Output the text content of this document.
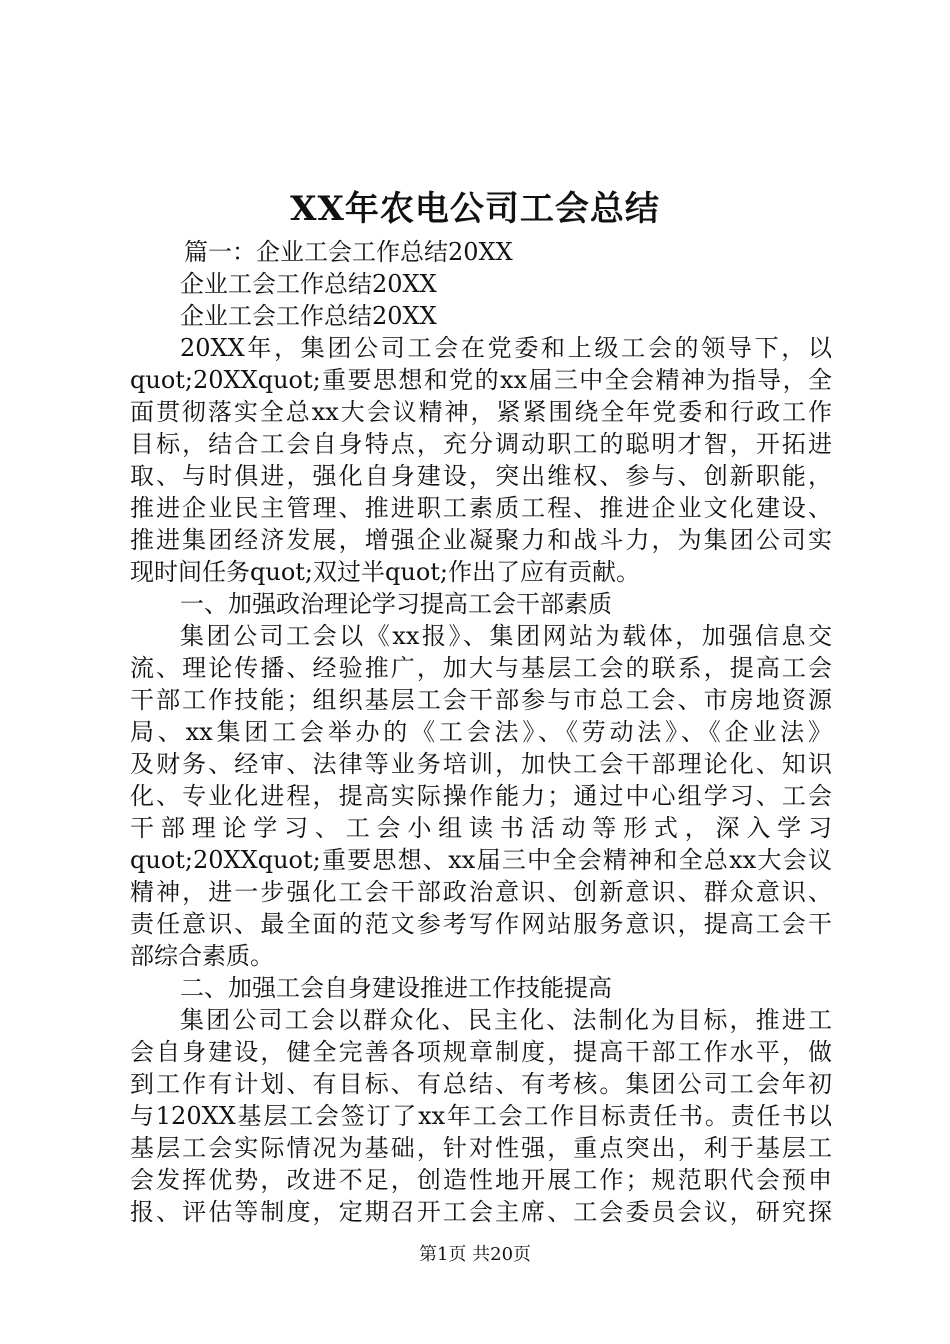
XX年农电公司工会总结
篇一：企业工会工作总结20XX
企业工会工作总结20XX
企业工会工作总结20XX
20XX年，集团公司工会在党委和上级工会的领导下，以
quot;20XXquot;重要思想和党的xx届三中全会精神为指导，全
面贯彻落实全总xx大会议精神，紧紧围绕全年党委和行政工作
目标，结合工会自身特点，充分调动职工的聪明才智，开拓进
取、与时俱进，强化自身建设，突出维权、参与、创新职能，
推进企业民主管理、推进职工素质工程、推进企业文化建设、
推进集团经济发展，增强企业凝聚力和战斗力，为集团公司实
现时间任务quot;双过半quot;作出了应有贡献。
一、加强政治理论学习提高工会干部素质
集团公司工会以《xx报》、集团网站为载体，加强信息交
流、理论传播、经验推广，加大与基层工会的联系，提高工会
干部工作技能；组织基层工会干部参与市总工会、市房地资源
局、xx集团工会举办的《工会法》、《劳动法》、《企业法》
及财务、经审、法律等业务培训，加快工会干部理论化、知识
化、专业化进程，提高实际操作能力；通过中心组学习、工会
干部理论学习、工会小组读书活动等形式，深入学习
quot;20XXquot;重要思想、xx届三中全会精神和全总xx大会议
精神，进一步强化工会干部政治意识、创新意识、群众意识、
责任意识、最全面的范文参考写作网站服务意识，提高工会干
部综合素质。
二、加强工会自身建设推进工作技能提高
集团公司工会以群众化、民主化、法制化为目标，推进工
会自身建设，健全完善各项规章制度，提高干部工作水平，做
到工作有计划、有目标、有总结、有考核。集团公司工会年初
与120XX基层工会签订了xx年工会工作目标责任书。责任书以
基层工会实际情况为基础，针对性强，重点突出，利于基层工
会发挥优势，改进不足，创造性地开展工作；规范职代会预申
报、评估等制度，定期召开工会主席、工会委员会议，研究探
第1页 共20页
